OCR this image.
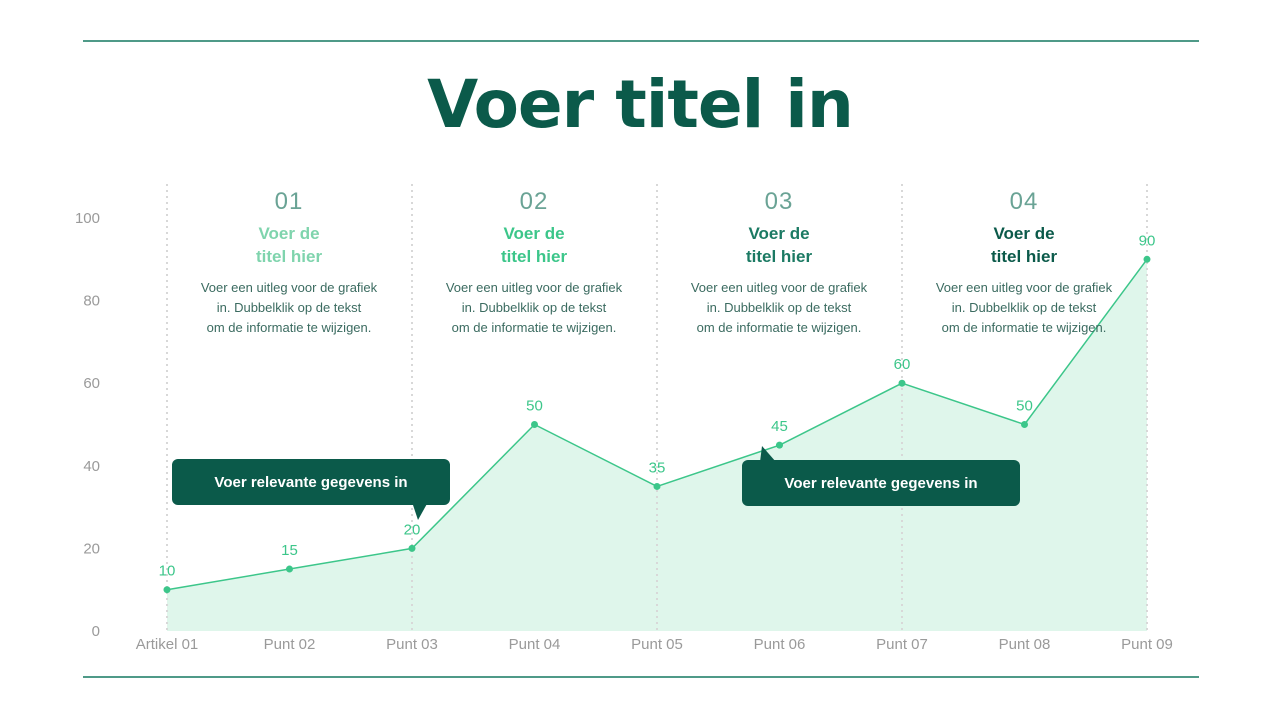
Voer titel in
10
15
20
50
35
45
60
50
90
0
20
40
60
80
100
Artikel 01	Punt 02	Punt 03	Punt 04	Punt 05	Punt 06	Punt 07	Punt 08	Punt 09
01
Voer de
titel hier
Voer een uitleg voor de grafiek
in. Dubbelklik op de tekst
om de informatie te wijzigen.
02
Voer de
titel hier
Voer een uitleg voor de grafiek
in. Dubbelklik op de tekst
om de informatie te wijzigen.
03
Voer de
titel hier
Voer een uitleg voor de grafiek
in. Dubbelklik op de tekst
om de informatie te wijzigen.
04
Voer de
titel hier
Voer een uitleg voor de grafiek
in. Dubbelklik op de tekst
om de informatie te wijzigen.
Voer relevante gegevens in	Voer relevante gegevens in
